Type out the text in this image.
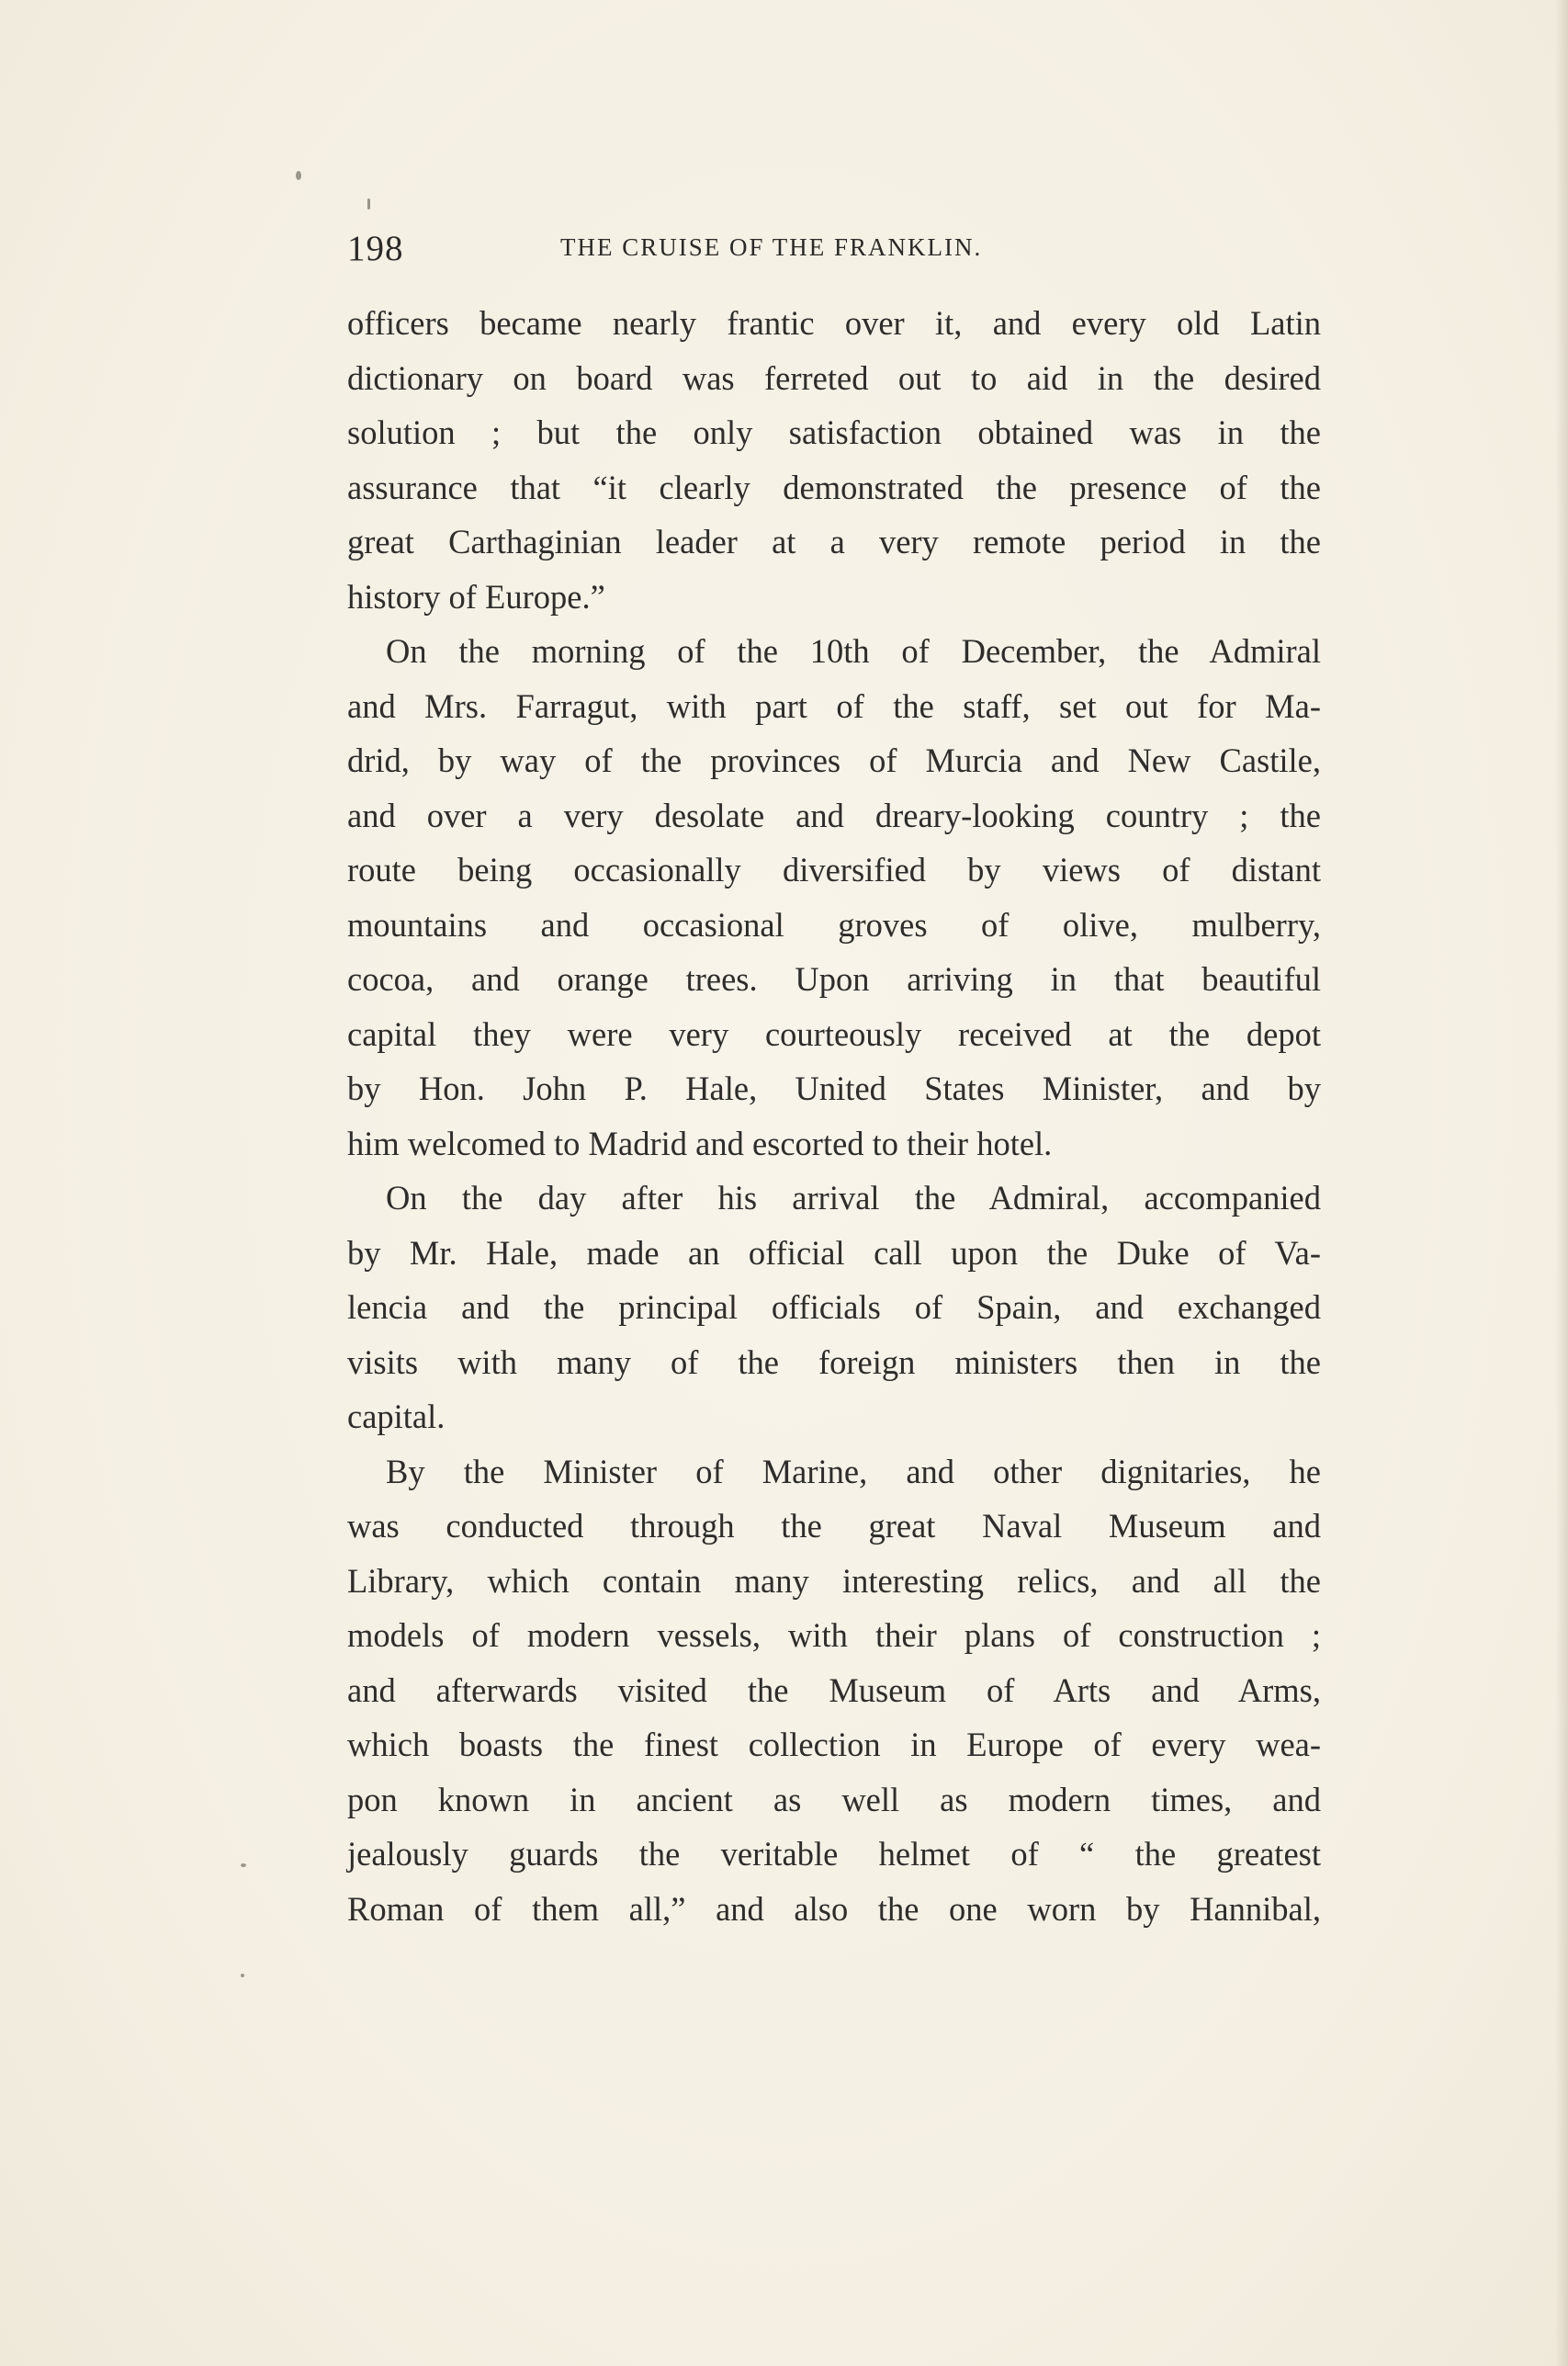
198	THE CRUISE OF THE FRANKLIN.
officers became nearly frantic over it, and every old Latin
dictionary on board was ferreted out to aid in the desired
solution ; but the only satisfaction obtained was in the
assurance that “it clearly demonstrated the presence of the
great Carthaginian leader at a very remote period in the
history of Europe.”
On the morning of the 10th of December, the Admiral
and Mrs. Farragut, with part of the staff, set out for Ma-
drid, by way of the provinces of Murcia and New Castile,
and over a very desolate and dreary-looking country ; the
route being occasionally diversified by views of distant
mountains and occasional groves of olive, mulberry,
cocoa, and orange trees. Upon arriving in that beautiful
capital they were very courteously received at the depot
by Hon. John P. Hale, United States Minister, and by
him welcomed to Madrid and escorted to their hotel.
On the day after his arrival the Admiral, accompanied
by Mr. Hale, made an official call upon the Duke of Va-
lencia and the principal officials of Spain, and exchanged
visits with many of the foreign ministers then in the
capital.
By the Minister of Marine, and other dignitaries, he
was conducted through the great Naval Museum and
Library, which contain many interesting relics, and all the
models of modern vessels, with their plans of construction ;
and afterwards visited the Museum of Arts and Arms,
which boasts the finest collection in Europe of every wea-
pon known in ancient as well as modern times, and
jealously guards the veritable helmet of “ the greatest
Roman of them all,” and also the one worn by Hannibal,
